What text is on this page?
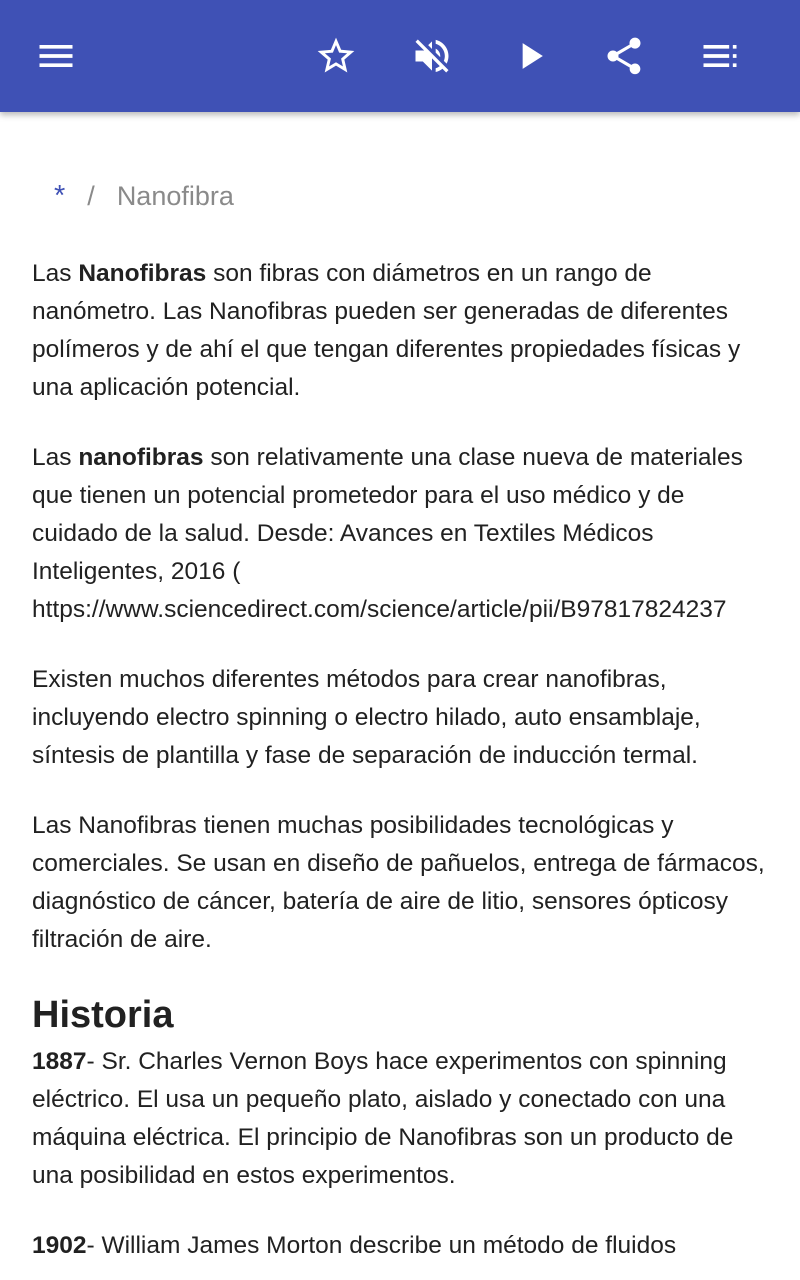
* / Nanofibra

Las Nanofibras son fibras con diámetros en un rango de nanómetro. Las Nanofibras pueden ser generadas de diferentes polímeros y de ahí el que tengan diferentes propiedades físicas y una aplicación potencial.

Las nanofibras son relativamente una clase nueva de materiales que tienen un potencial prometedor para el uso médico y de cuidado de la salud. Desde: Avances en Textiles Médicos Inteligentes, 2016 (
https://www.sciencedirect.com/science/article/pii/B97817824237

Existen muchos diferentes métodos para crear nanofibras, incluyendo electro spinning o electro hilado, auto ensamblaje, síntesis de plantilla y fase de separación de inducción termal.

Las Nanofibras tienen muchas posibilidades tecnológicas y comerciales. Se usan en diseño de pañuelos, entrega de fármacos, diagnóstico de cáncer, batería de aire de litio, sensores ópticosy filtración de aire.

Historia

1887- Sr. Charles Vernon Boys hace experimentos con spinning eléctrico. El usa un pequeño plato, aislado y conectado con una máquina eléctrica. El principio de Nanofibras son un producto de una posibilidad en estos experimentos.

1902- William James Morton describe un método de fluidos
